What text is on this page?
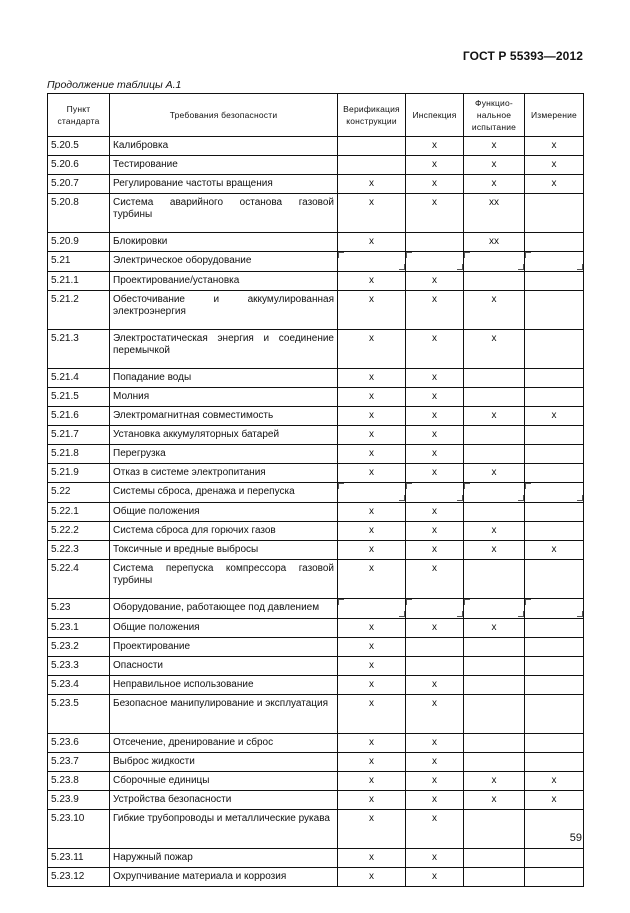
ГОСТ Р 55393—2012
Продолжение таблицы А.1
Пункт стандарта	Требования безопасности	Верификация конструкции	Инспекция	Функцио- нальное испытание	Измерение
5.20.5	Калибровка		x	x	x
5.20.6	Тестирование		x	x	x
5.20.7	Регулирование частоты вращения	x	x	x	x
5.20.8	Система аварийного останова газовой турбины	x	x	xx	
5.20.9	Блокировки	x		xx	
5.21	Электрическое оборудование	

5.21.1	Проектирование/установка	x	x		
5.21.2	Обесточивание и аккумулированная электроэнергия	x	x	x	
5.21.3	Электростатическая энергия и соединение перемычкой	x	x	x	
5.21.4	Попадание воды	x	x		
5.21.5	Молния	x	x		
5.21.6	Электромагнитная совместимость	x	x	x	x
5.21.7	Установка аккумуляторных батарей	x	x		
5.21.8	Перегрузка	x	x		
5.21.9	Отказ в системе электропитания	x	x	x	
5.22	Системы сброса, дренажа и перепуска	

5.22.1	Общие положения	x	x		
5.22.2	Система сброса для горючих газов	x	x	x	
5.22.3	Токсичные и вредные выбросы	x	x	x	x
5.22.4	Система перепуска компрессора газовой турбины	x	x		
5.23	Оборудование, работающее под давлением	

5.23.1	Общие положения	x	x	x	
5.23.2	Проектирование	x			
5.23.3	Опасности	x			
5.23.4	Неправильное использование	x	x		
5.23.5	Безопасное манипулирование и эксплуатация	x	x		
5.23.6	Отсечение, дренирование и сброс	x	x		
5.23.7	Выброс жидкости	x	x		
5.23.8	Сборочные единицы	x	x	x	x
5.23.9	Устройства безопасности	x	x	x	x
5.23.10	Гибкие трубопроводы и металлические рукава	x	x		
5.23.11	Наружный пожар	x	x		
5.23.12	Охрупчивание материала и коррозия	x	x		
59
